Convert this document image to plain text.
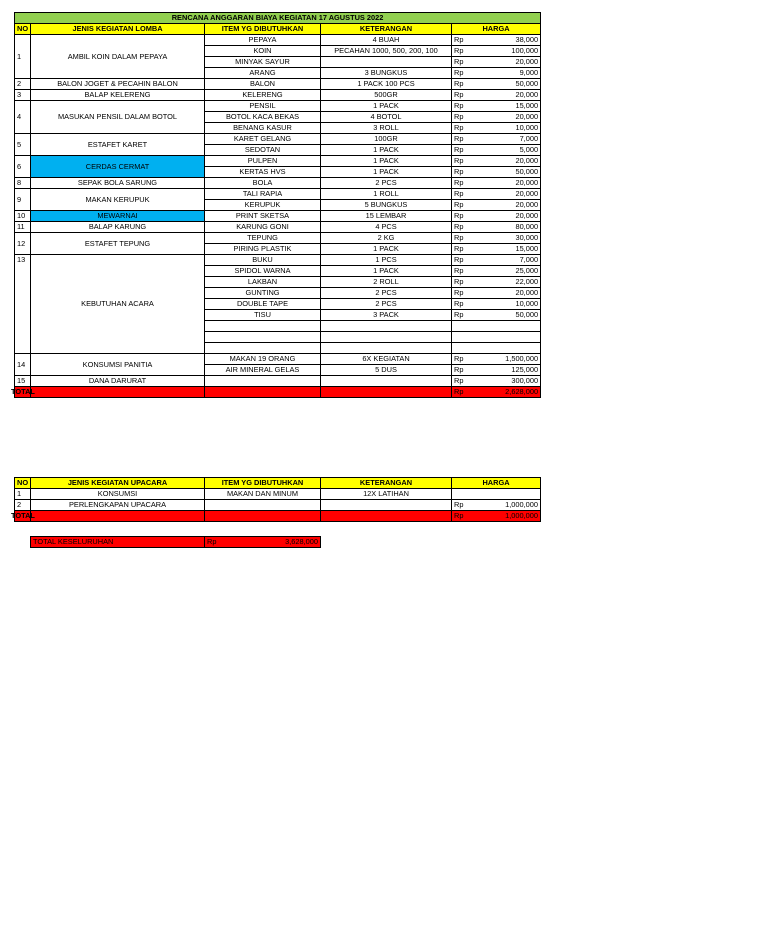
RENCANA ANGGARAN BIAYA KEGIATAN 17 AGUSTUS 2022					
NO	JENIS KEGIATAN LOMBA	ITEM YG DIBUTUHKAN	KETERANGAN	HARGA	
1	AMBIL KOIN DALAM PEPAYA	PEPAYA	4 BUAH	Rp	38,000
		KOIN	PECAHAN 1000, 500, 200, 100	Rp	100,000
		MINYAK SAYUR		Rp	20,000
		ARANG	3 BUNGKUS	Rp	9,000
2	BALON JOGET & PECAHIN BALON	BALON	1 PACK 100 PCS	Rp	50,000
3	BALAP KELERENG	KELERENG	500GR	Rp	20,000
4	MASUKAN PENSIL DALAM BOTOL	PENSIL	1 PACK	Rp	15,000
		BOTOL KACA BEKAS	4 BOTOL	Rp	20,000
		BENANG KASUR	3 ROLL	Rp	10,000
5	ESTAFET KARET	KARET GELANG	100GR	Rp	7,000
		SEDOTAN	1 PACK	Rp	5,000
6	CERDAS CERMAT	PULPEN	1 PACK	Rp	20,000
		KERTAS HVS	1 PACK	Rp	50,000
8	SEPAK BOLA SARUNG	BOLA	2 PCS	Rp	20,000
9	MAKAN KERUPUK	TALI RAPIA	1 ROLL	Rp	20,000
		KERUPUK	5 BUNGKUS	Rp	20,000
10	MEWARNAI	PRINT SKETSA	15 LEMBAR	Rp	20,000
11	BALAP KARUNG	KARUNG GONI	4 PCS	Rp	80,000
12	ESTAFET TEPUNG	TEPUNG	2 KG	Rp	30,000
		PIRING PLASTIK	1 PACK	Rp	15,000
13	KEBUTUHAN ACARA	BUKU	1 PCS	Rp	7,000
		SPIDOL WARNA	1 PACK	Rp	25,000
		LAKBAN	2 ROLL	Rp	22,000
		GUNTING	2 PCS	Rp	20,000
		DOUBLE TAPE	2 PCS	Rp	10,000
		TISU	3 PACK	Rp	50,000

14	KONSUMSI PANITIA	MAKAN 19 ORANG	6X KEGIATAN	Rp	1,500,000
		AIR MINERAL GELAS	5 DUS	Rp	125,000
15	DANA DARURAT			Rp	300,000
TOTAL				Rp	2,628,000
NO	JENIS KEGIATAN UPACARA	ITEM YG DIBUTUHKAN	KETERANGAN	HARGA	
1	KONSUMSI	MAKAN DAN MINUM	12X LATIHAN		
2	PERLENGKAPAN UPACARA			Rp	1,000,000
TOTAL				Rp	1,000,000
TOTAL KESELURUHAN	Rp	3,628,000
